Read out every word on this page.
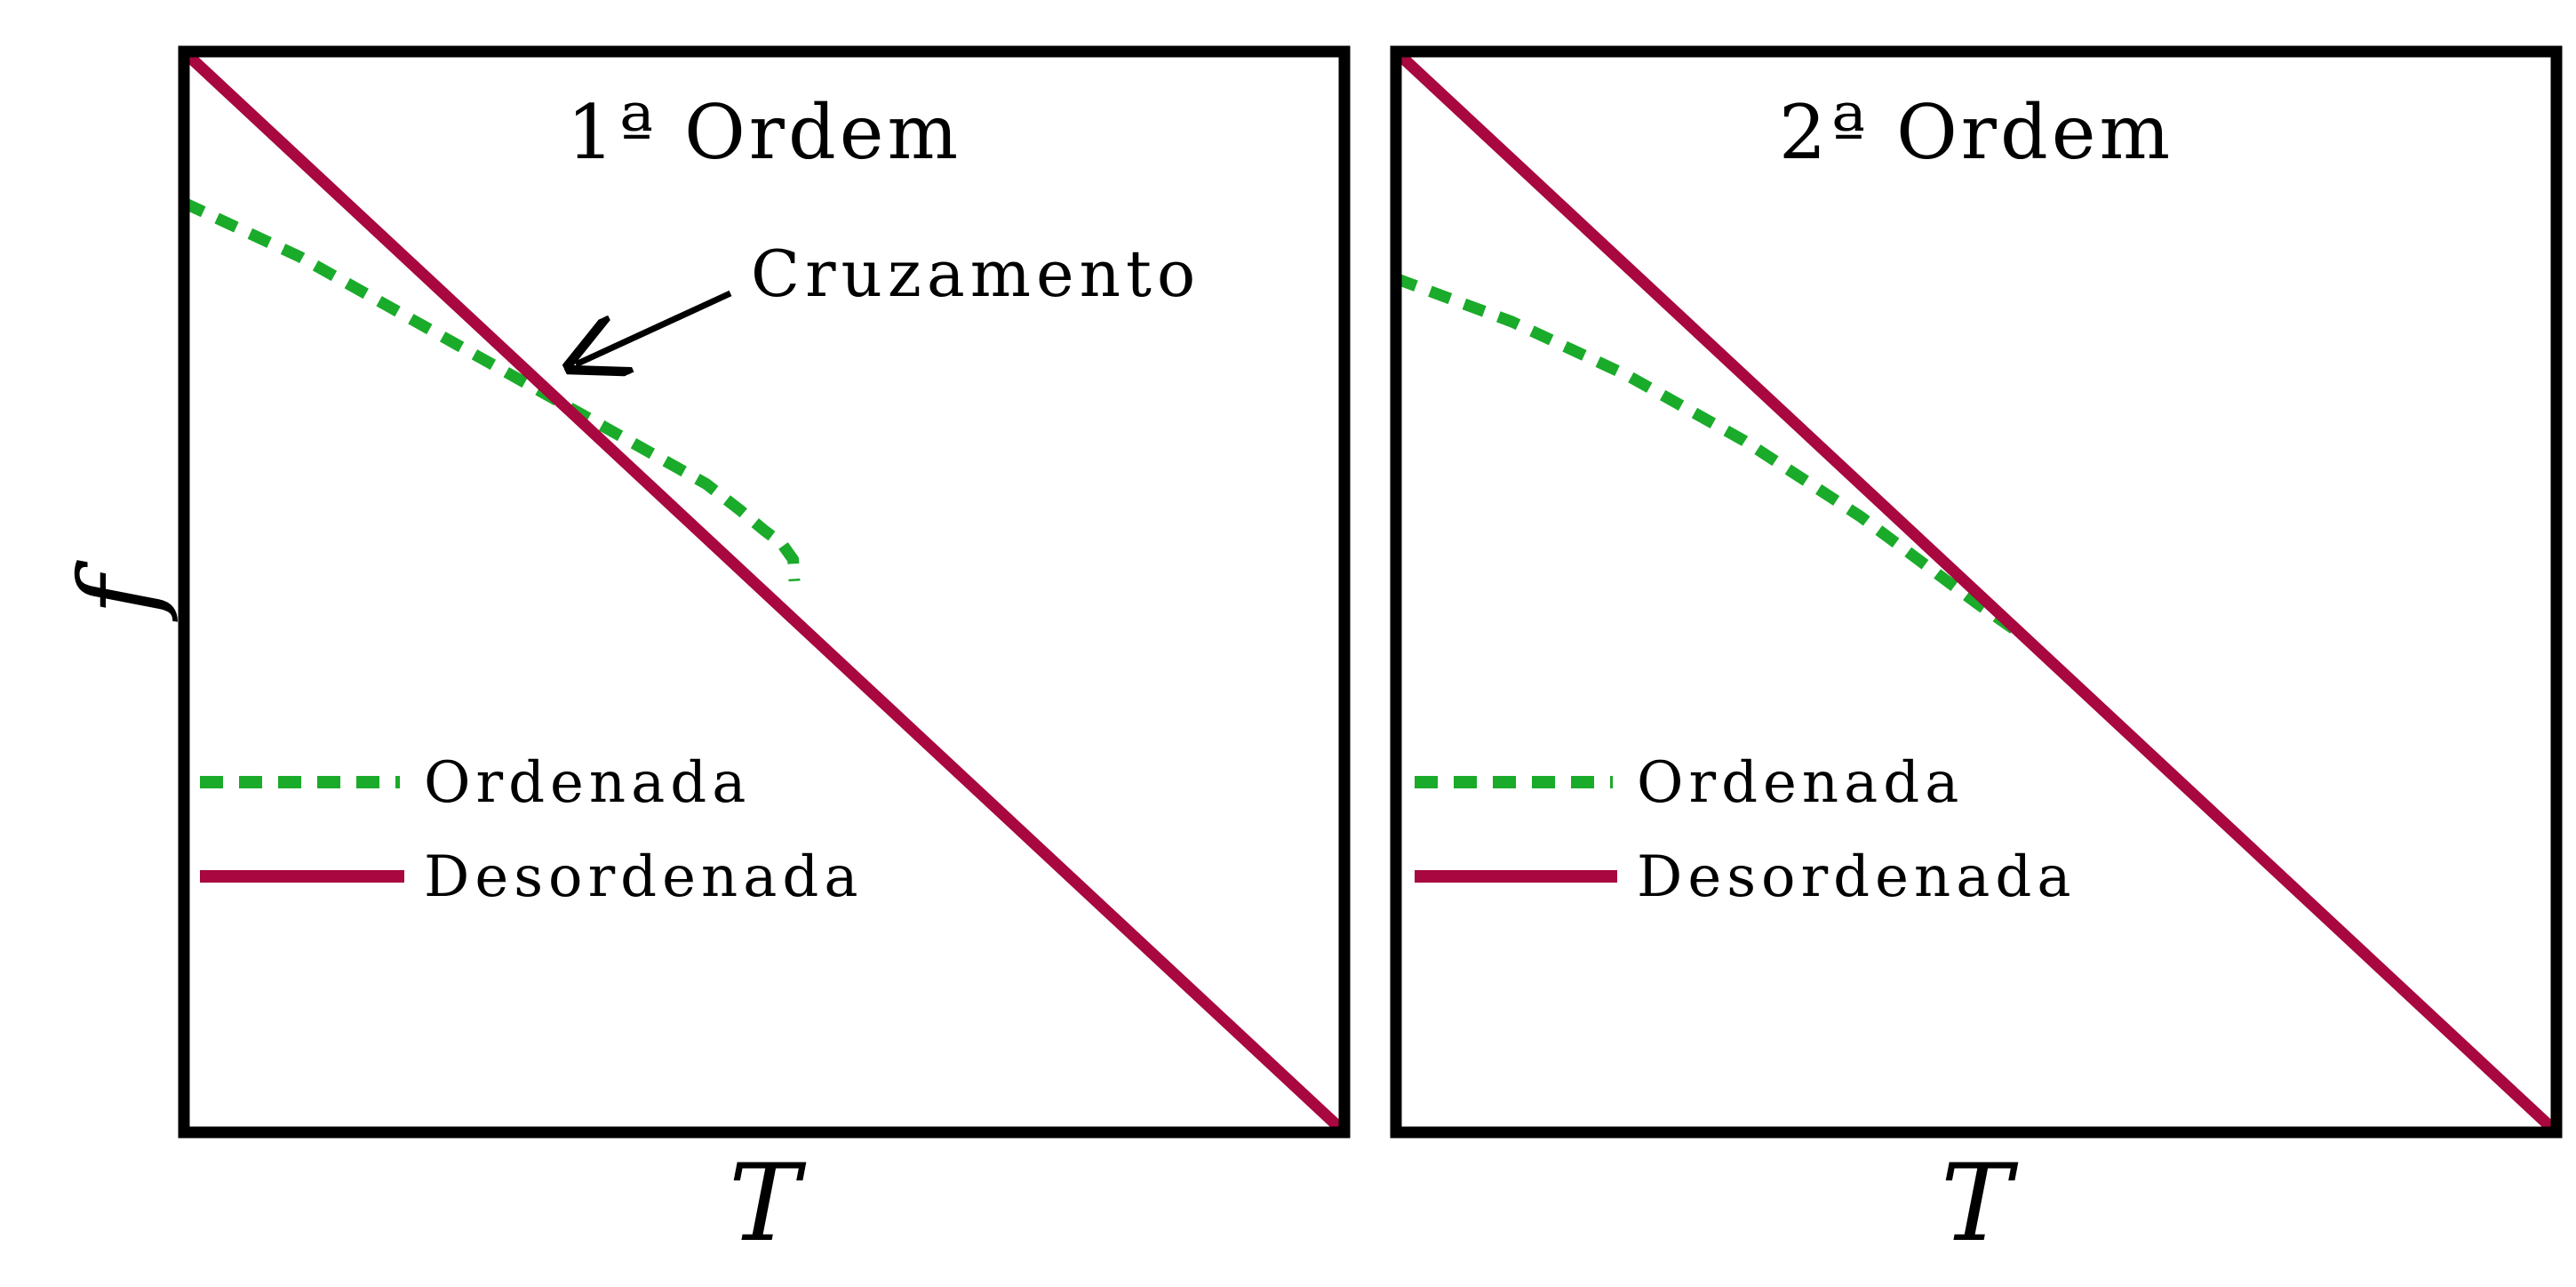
1ª Ordem
T
f
Ordenada
Desordenada
Cruzamento
2ª Ordem
T
Ordenada
Desordenada
